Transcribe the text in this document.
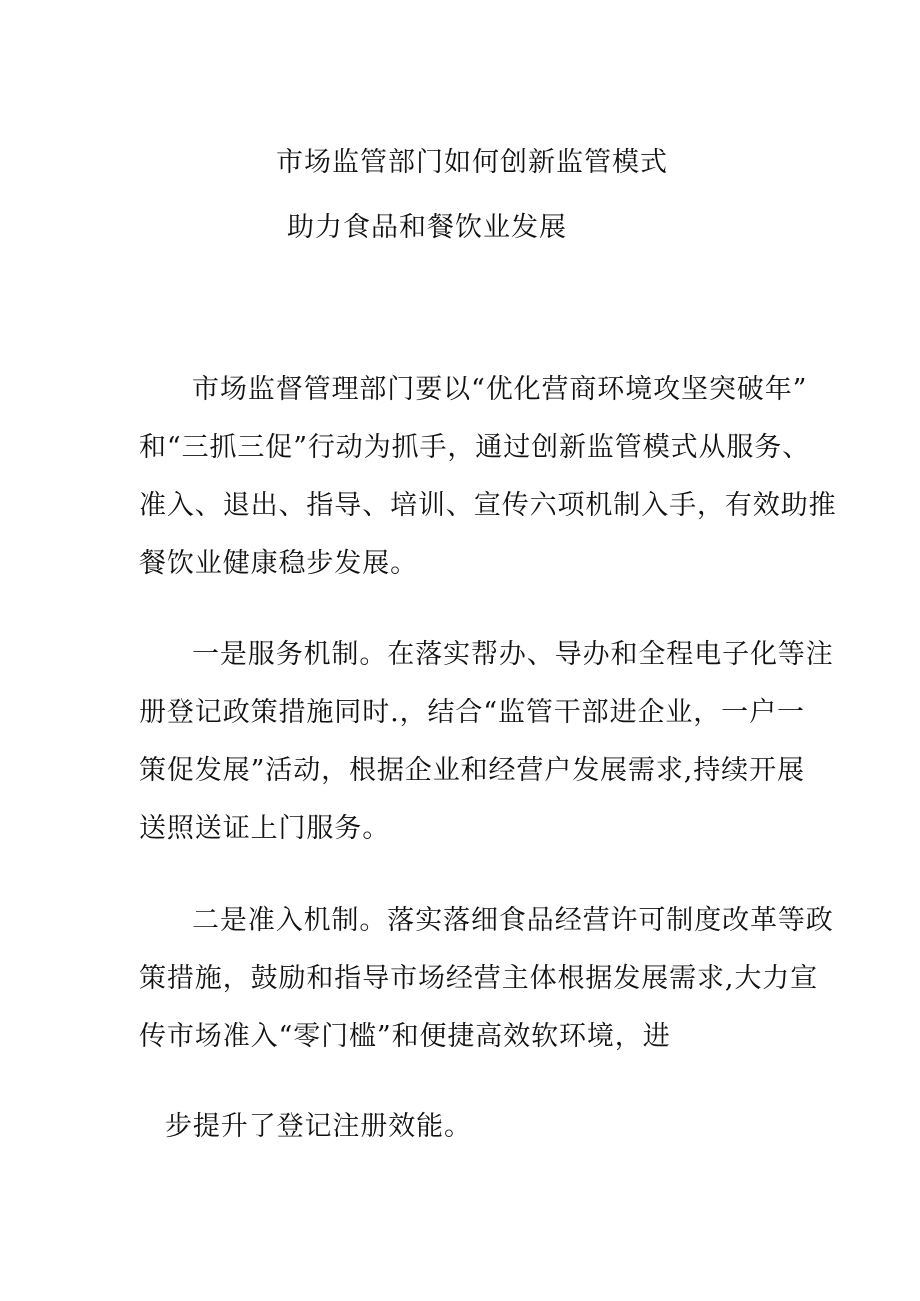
市场监管部门如何创新监管模式
助力食品和餐饮业发展
市场监督管理部门要以“优化营商环境攻坚突破年”
和“三抓三促”行动为抓手，通过创新监管模式从服务、
准入、退出、指导、培训、宣传六项机制入手，有效助推
餐饮业健康稳步发展。
一是服务机制。在落实帮办、导办和全程电子化等注
册登记政策措施同时.，结合“监管干部进企业，一户一
策促发展”活动，根据企业和经营户发展需求,持续开展
送照送证上门服务。
二是准入机制。落实落细食品经营许可制度改革等政
策措施，鼓励和指导市场经营主体根据发展需求,大力宣
传市场准入“零门槛”和便捷高效软环境，进
步提升了登记注册效能。
